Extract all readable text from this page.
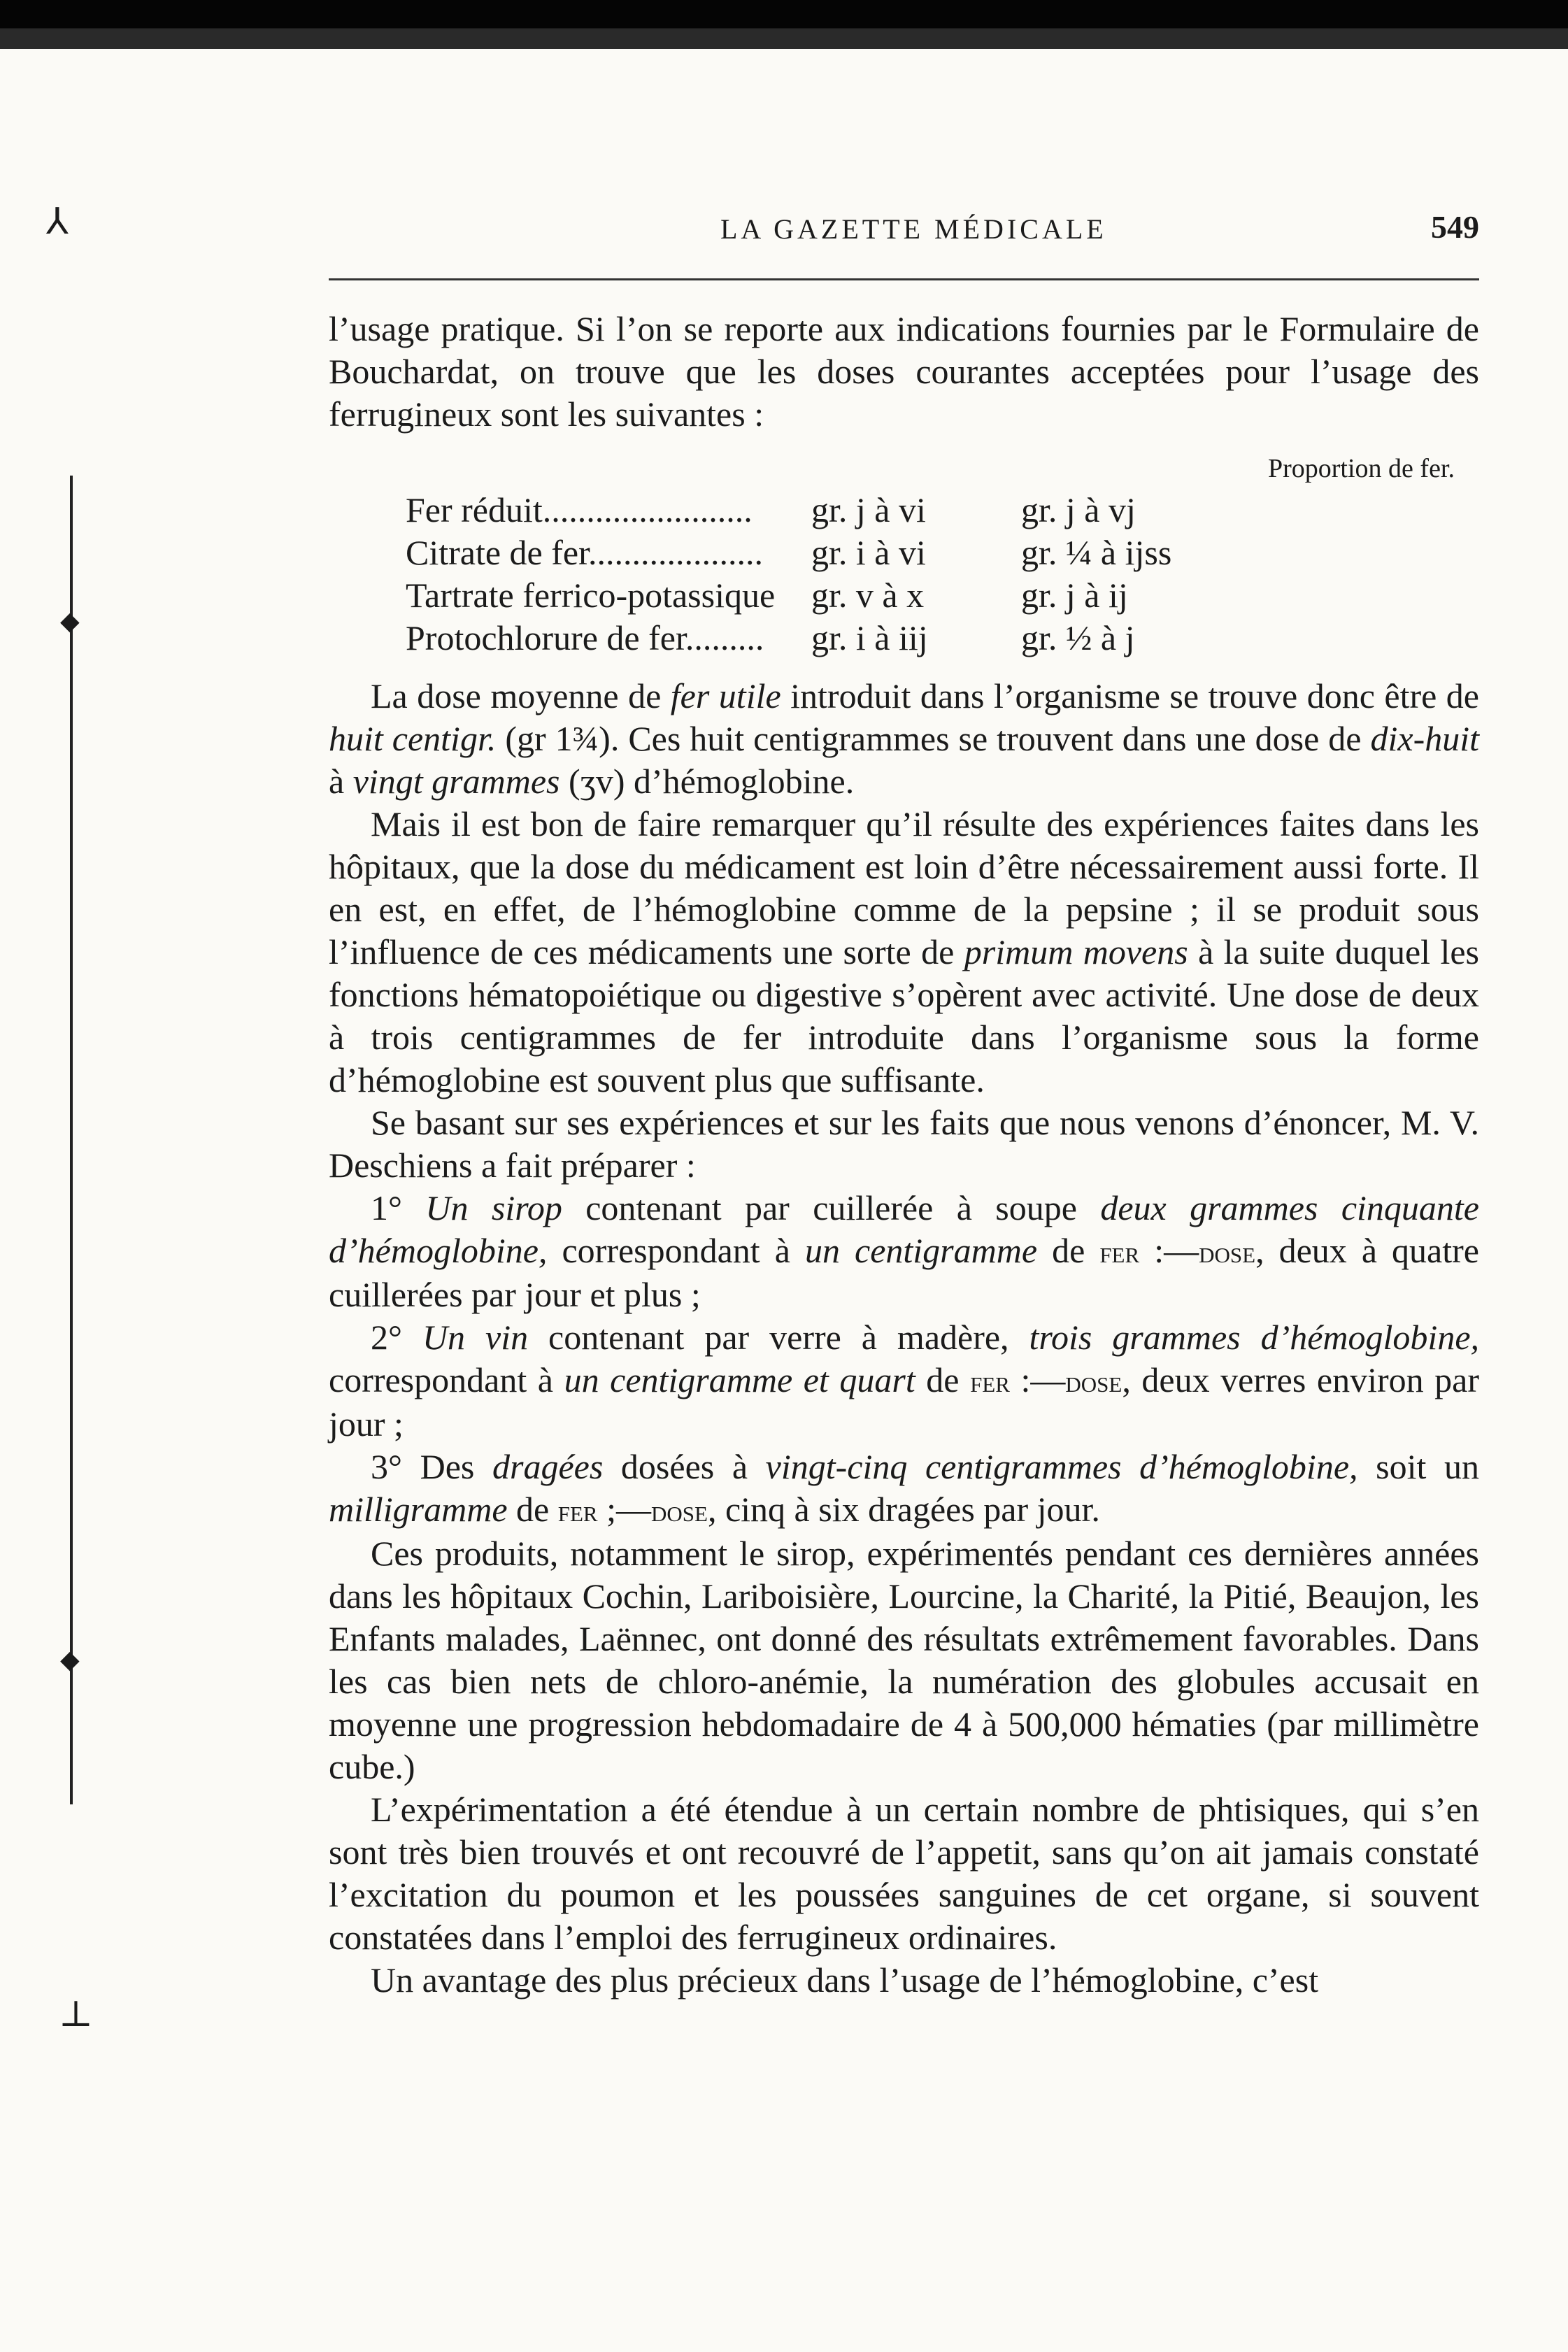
⅄
◆
◆
⊥
LA GAZETTE MÉDICALE	549

l’usage pratique. Si l’on se reporte aux indications fournies par le Formulaire de Bouchardat, on trouve que les doses courantes acceptées pour l’usage des ferrugineux sont les suivantes :

Proportion de fer.
Fer réduit........................	gr. j à vi	gr. j à vj
Citrate de fer....................	gr. i à vi	gr. ¼ à ijss
Tartrate ferrico-potassique	gr. v à x	gr. j à ij
Protochlorure de fer.........	gr. i à iij	gr. ½ à j

La dose moyenne de fer utile introduit dans l’organisme se trouve donc être de huit centigr. (gr 1¾). Ces huit centigrammes se trouvent dans une dose de dix-huit à vingt grammes (ʒv) d’hémoglobine.

Mais il est bon de faire remarquer qu’il résulte des expériences faites dans les hôpitaux, que la dose du médicament est loin d’être nécessairement aussi forte. Il en est, en effet, de l’hémoglobine comme de la pepsine ; il se produit sous l’influence de ces médicaments une sorte de primum movens à la suite duquel les fonctions hématopoiétique ou digestive s’opèrent avec activité. Une dose de deux à trois centigrammes de fer introduite dans l’organisme sous la forme d’hémoglobine est souvent plus que suffisante.

Se basant sur ses expériences et sur les faits que nous venons d’énoncer, M. V. Deschiens a fait préparer :

1° Un sirop contenant par cuillerée à soupe deux grammes cinquante d’hémoglobine, correspondant à un centigramme de fer :—dose, deux à quatre cuillerées par jour et plus ;

2° Un vin contenant par verre à madère, trois grammes d’hémoglobine, correspondant à un centigramme et quart de fer :—dose, deux verres environ par jour ;

3° Des dragées dosées à vingt-cinq centigrammes d’hémoglobine, soit un milligramme de fer ;—dose, cinq à six dragées par jour.

Ces produits, notamment le sirop, expérimentés pendant ces dernières années dans les hôpitaux Cochin, Lariboisière, Lourcine, la Charité, la Pitié, Beaujon, les Enfants malades, Laënnec, ont donné des résultats extrêmement favorables. Dans les cas bien nets de chloro-anémie, la numération des globules accusait en moyenne une progression hebdomadaire de 4 à 500,000 hématies (par millimètre cube.)

L’expérimentation a été étendue à un certain nombre de phtisiques, qui s’en sont très bien trouvés et ont recouvré de l’appetit, sans qu’on ait jamais constaté l’excitation du poumon et les poussées sanguines de cet organe, si souvent constatées dans l’emploi des ferrugineux ordinaires.

Un avantage des plus précieux dans l’usage de l’hémoglobine, c’est
